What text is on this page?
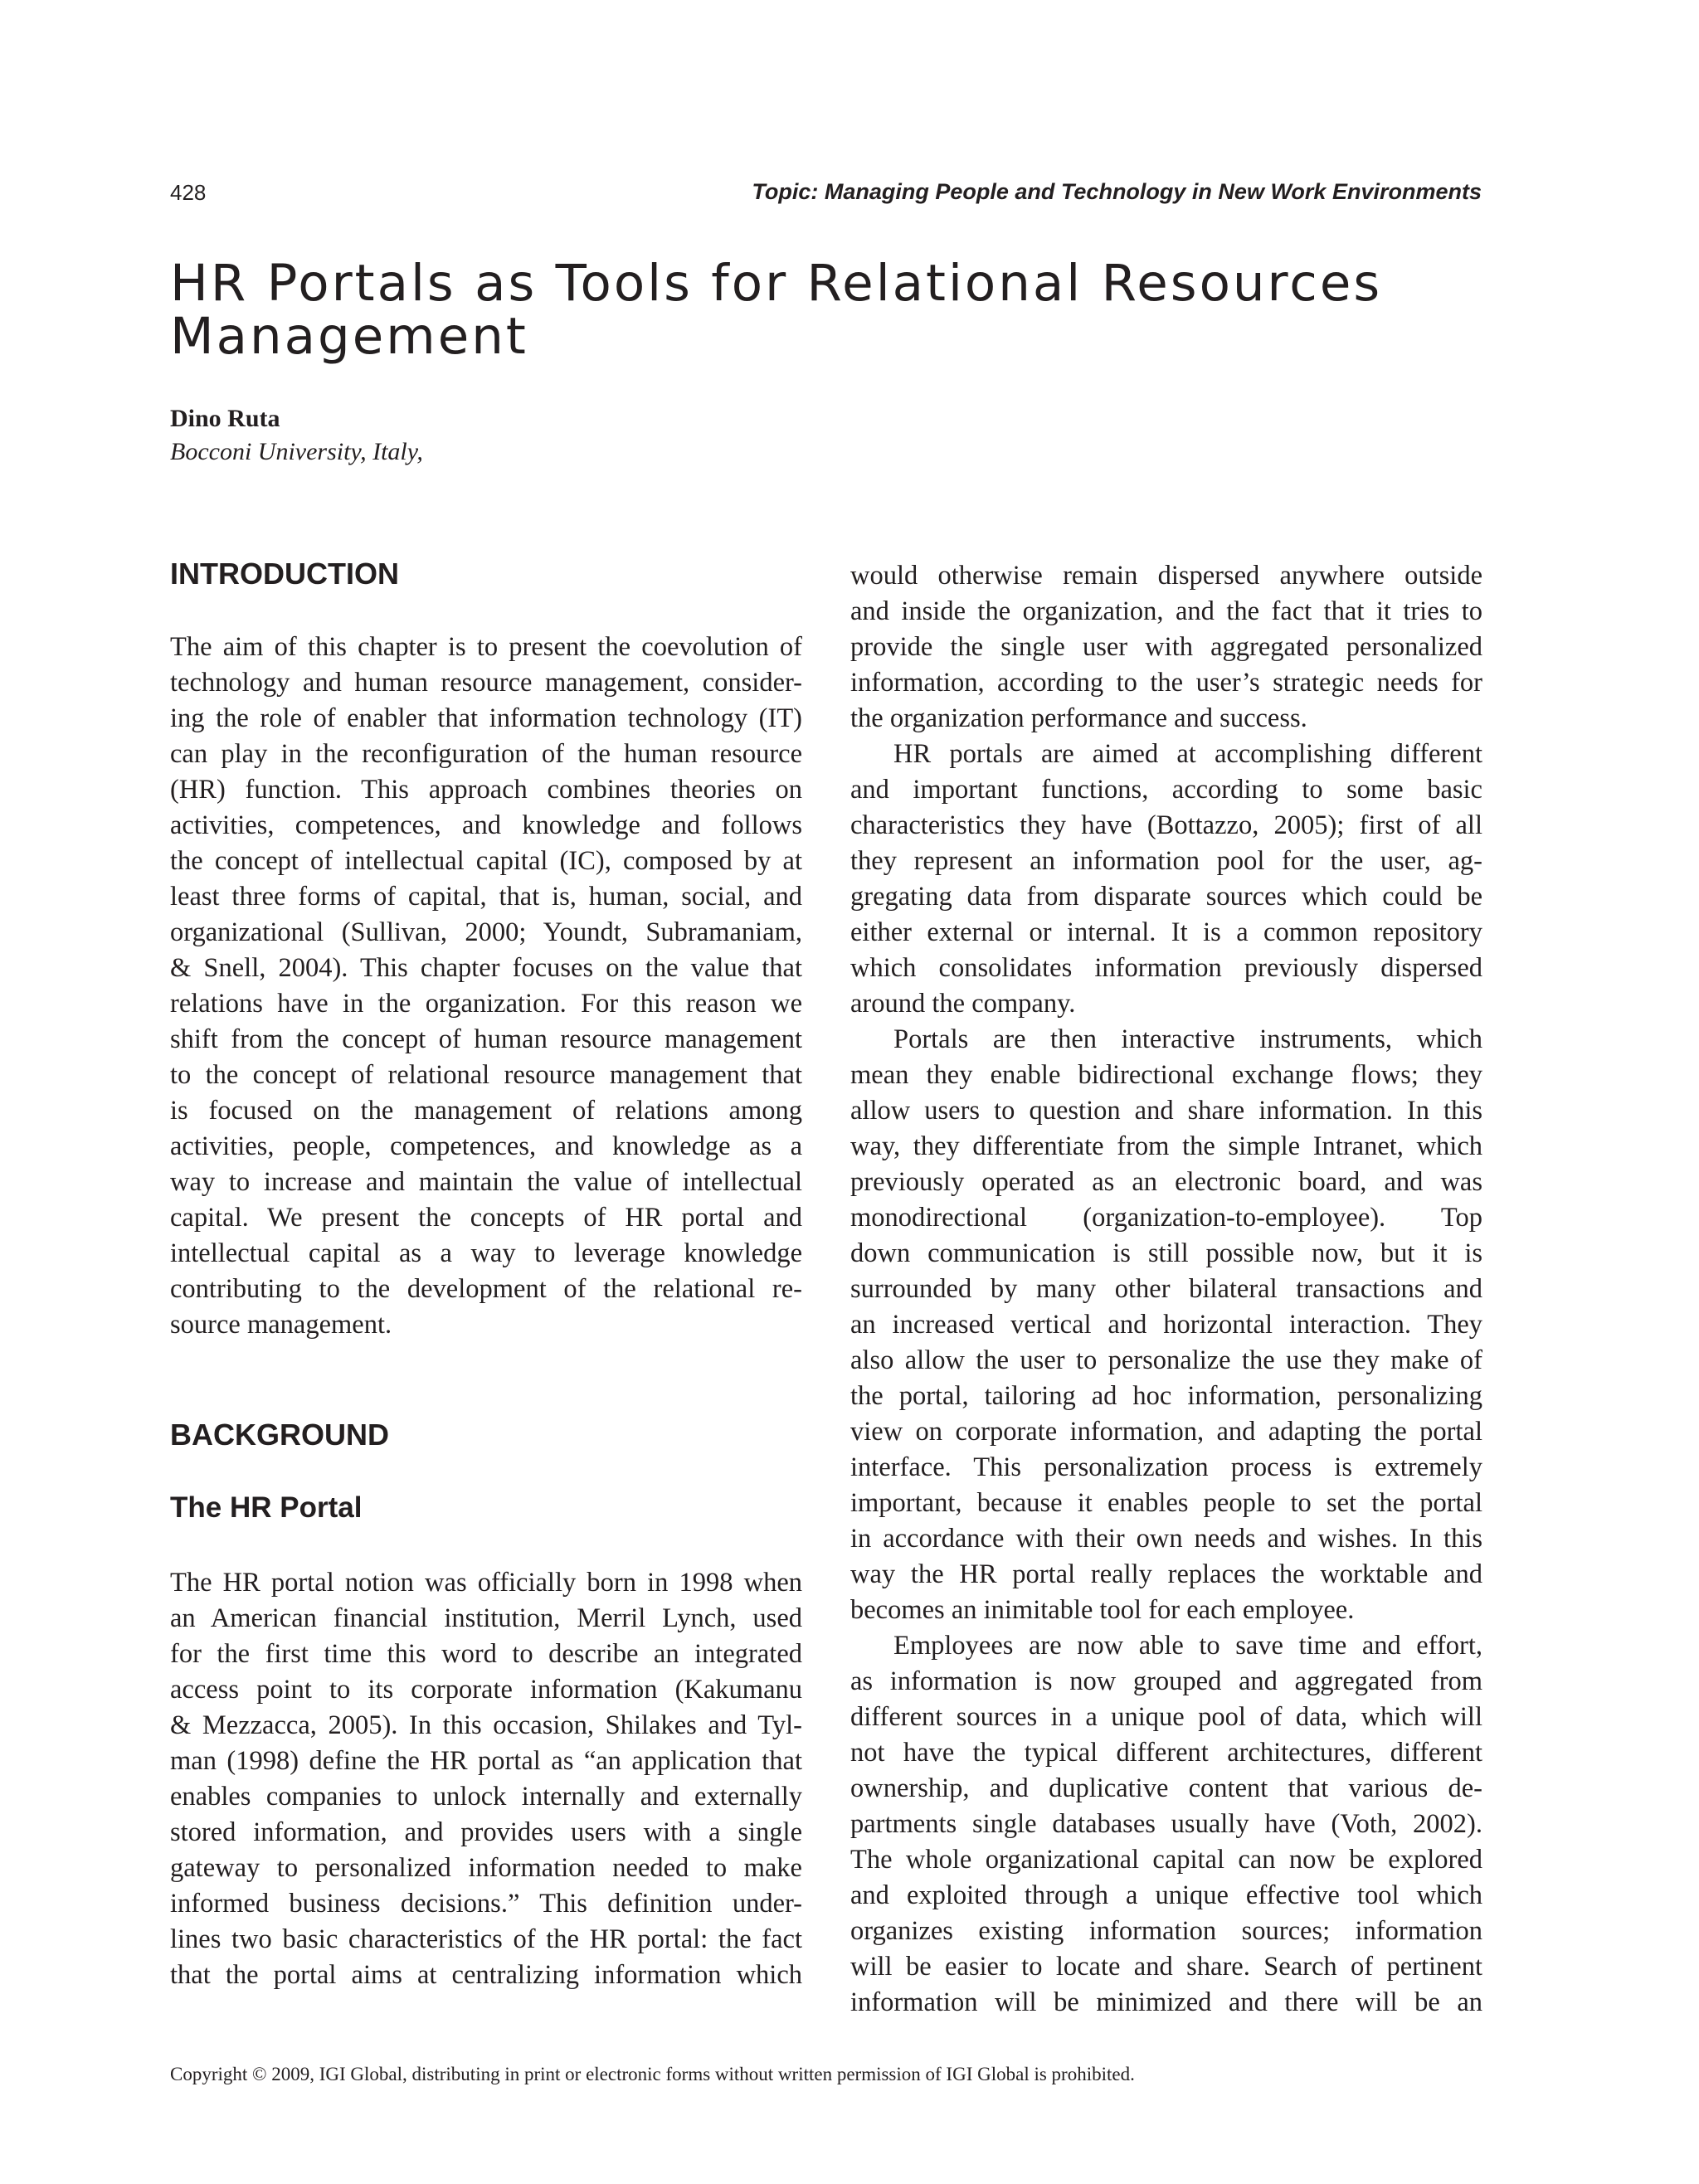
428	Topic: Managing People and Technology in New Work Environments
HR Portals as Tools for Relational Resources
Management
Dino Ruta
Bocconi University, Italy,
INTRODUCTION

The aim of this chapter is to present the coevolution of
technology and human resource management, consider-
ing the role of enabler that information technology (IT)
can play in the reconfiguration of the human resource
(HR) function. This approach combines theories on
activities, competences, and knowledge and follows
the concept of intellectual capital (IC), composed by at
least three forms of capital, that is, human, social, and
organizational (Sullivan, 2000; Youndt, Subramaniam,
& Snell, 2004). This chapter focuses on the value that
relations have in the organization. For this reason we
shift from the concept of human resource management
to the concept of relational resource management that
is focused on the management of relations among
activities, people, competences, and knowledge as a
way to increase and maintain the value of intellectual
capital. We present the concepts of HR portal and
intellectual capital as a way to leverage knowledge
contributing to the development of the relational re-
source management.

BACKGROUND
The HR Portal

The HR portal notion was officially born in 1998 when
an American financial institution, Merril Lynch, used
for the first time this word to describe an integrated
access point to its corporate information (Kakumanu
& Mezzacca, 2005). In this occasion, Shilakes and Tyl-
man (1998) define the HR portal as “an application that
enables companies to unlock internally and externally
stored information, and provides users with a single
gateway to personalized information needed to make
informed business decisions.” This definition under-
lines two basic characteristics of the HR portal: the fact
that the portal aims at centralizing information which

would otherwise remain dispersed anywhere outside
and inside the organization, and the fact that it tries to
provide the single user with aggregated personalized
information, according to the user’s strategic needs for
the organization performance and success.

HR portals are aimed at accomplishing different
and important functions, according to some basic
characteristics they have (Bottazzo, 2005); first of all
they represent an information pool for the user, ag-
gregating data from disparate sources which could be
either external or internal. It is a common repository
which consolidates information previously dispersed
around the company.

Portals are then interactive instruments, which
mean they enable bidirectional exchange flows; they
allow users to question and share information. In this
way, they differentiate from the simple Intranet, which
previously operated as an electronic board, and was
monodirectional (organization-to-employee). Top
down communication is still possible now, but it is
surrounded by many other bilateral transactions and
an increased vertical and horizontal interaction. They
also allow the user to personalize the use they make of
the portal, tailoring ad hoc information, personalizing
view on corporate information, and adapting the portal
interface. This personalization process is extremely
important, because it enables people to set the portal
in accordance with their own needs and wishes. In this
way the HR portal really replaces the worktable and
becomes an inimitable tool for each employee.

Employees are now able to save time and effort,
as information is now grouped and aggregated from
different sources in a unique pool of data, which will
not have the typical different architectures, different
ownership, and duplicative content that various de-
partments single databases usually have (Voth, 2002).
The whole organizational capital can now be explored
and exploited through a unique effective tool which
organizes existing information sources; information
will be easier to locate and share. Search of pertinent
information will be minimized and there will be an

Copyright © 2009, IGI Global, distributing in print or electronic forms without written permission of IGI Global is prohibited.
